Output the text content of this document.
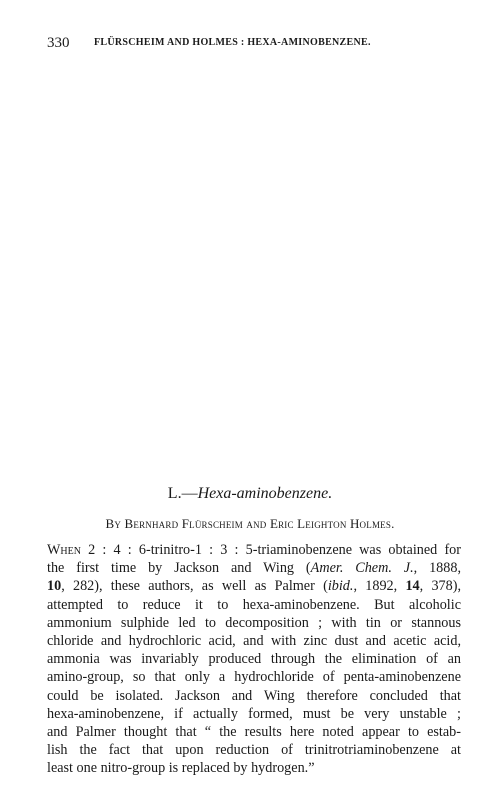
330 FLÜRSCHEIM AND HOLMES : HEXA-AMINOBENZENE.
L.—Hexa-aminobenzene.
By Bernhard Flürscheim and Eric Leighton Holmes.
When 2 : 4 : 6-trinitro-1 : 3 : 5-triaminobenzene was obtained for
the first time by Jackson and Wing (Amer. Chem. J., 1888,
10, 282), these authors, as well as Palmer (ibid., 1892, 14, 378),
attempted to reduce it to hexa-aminobenzene. But alcoholic
ammonium sulphide led to decomposition ; with tin or stannous
chloride and hydrochloric acid, and with zinc dust and acetic acid,
ammonia was invariably produced through the elimination of an
amino-group, so that only a hydrochloride of penta-aminobenzene
could be isolated. Jackson and Wing therefore concluded that
hexa-aminobenzene, if actually formed, must be very unstable ;
and Palmer thought that “ the results here noted appear to estab-
lish the fact that upon reduction of trinitrotriaminobenzene at
least one nitro-group is replaced by hydrogen.”
